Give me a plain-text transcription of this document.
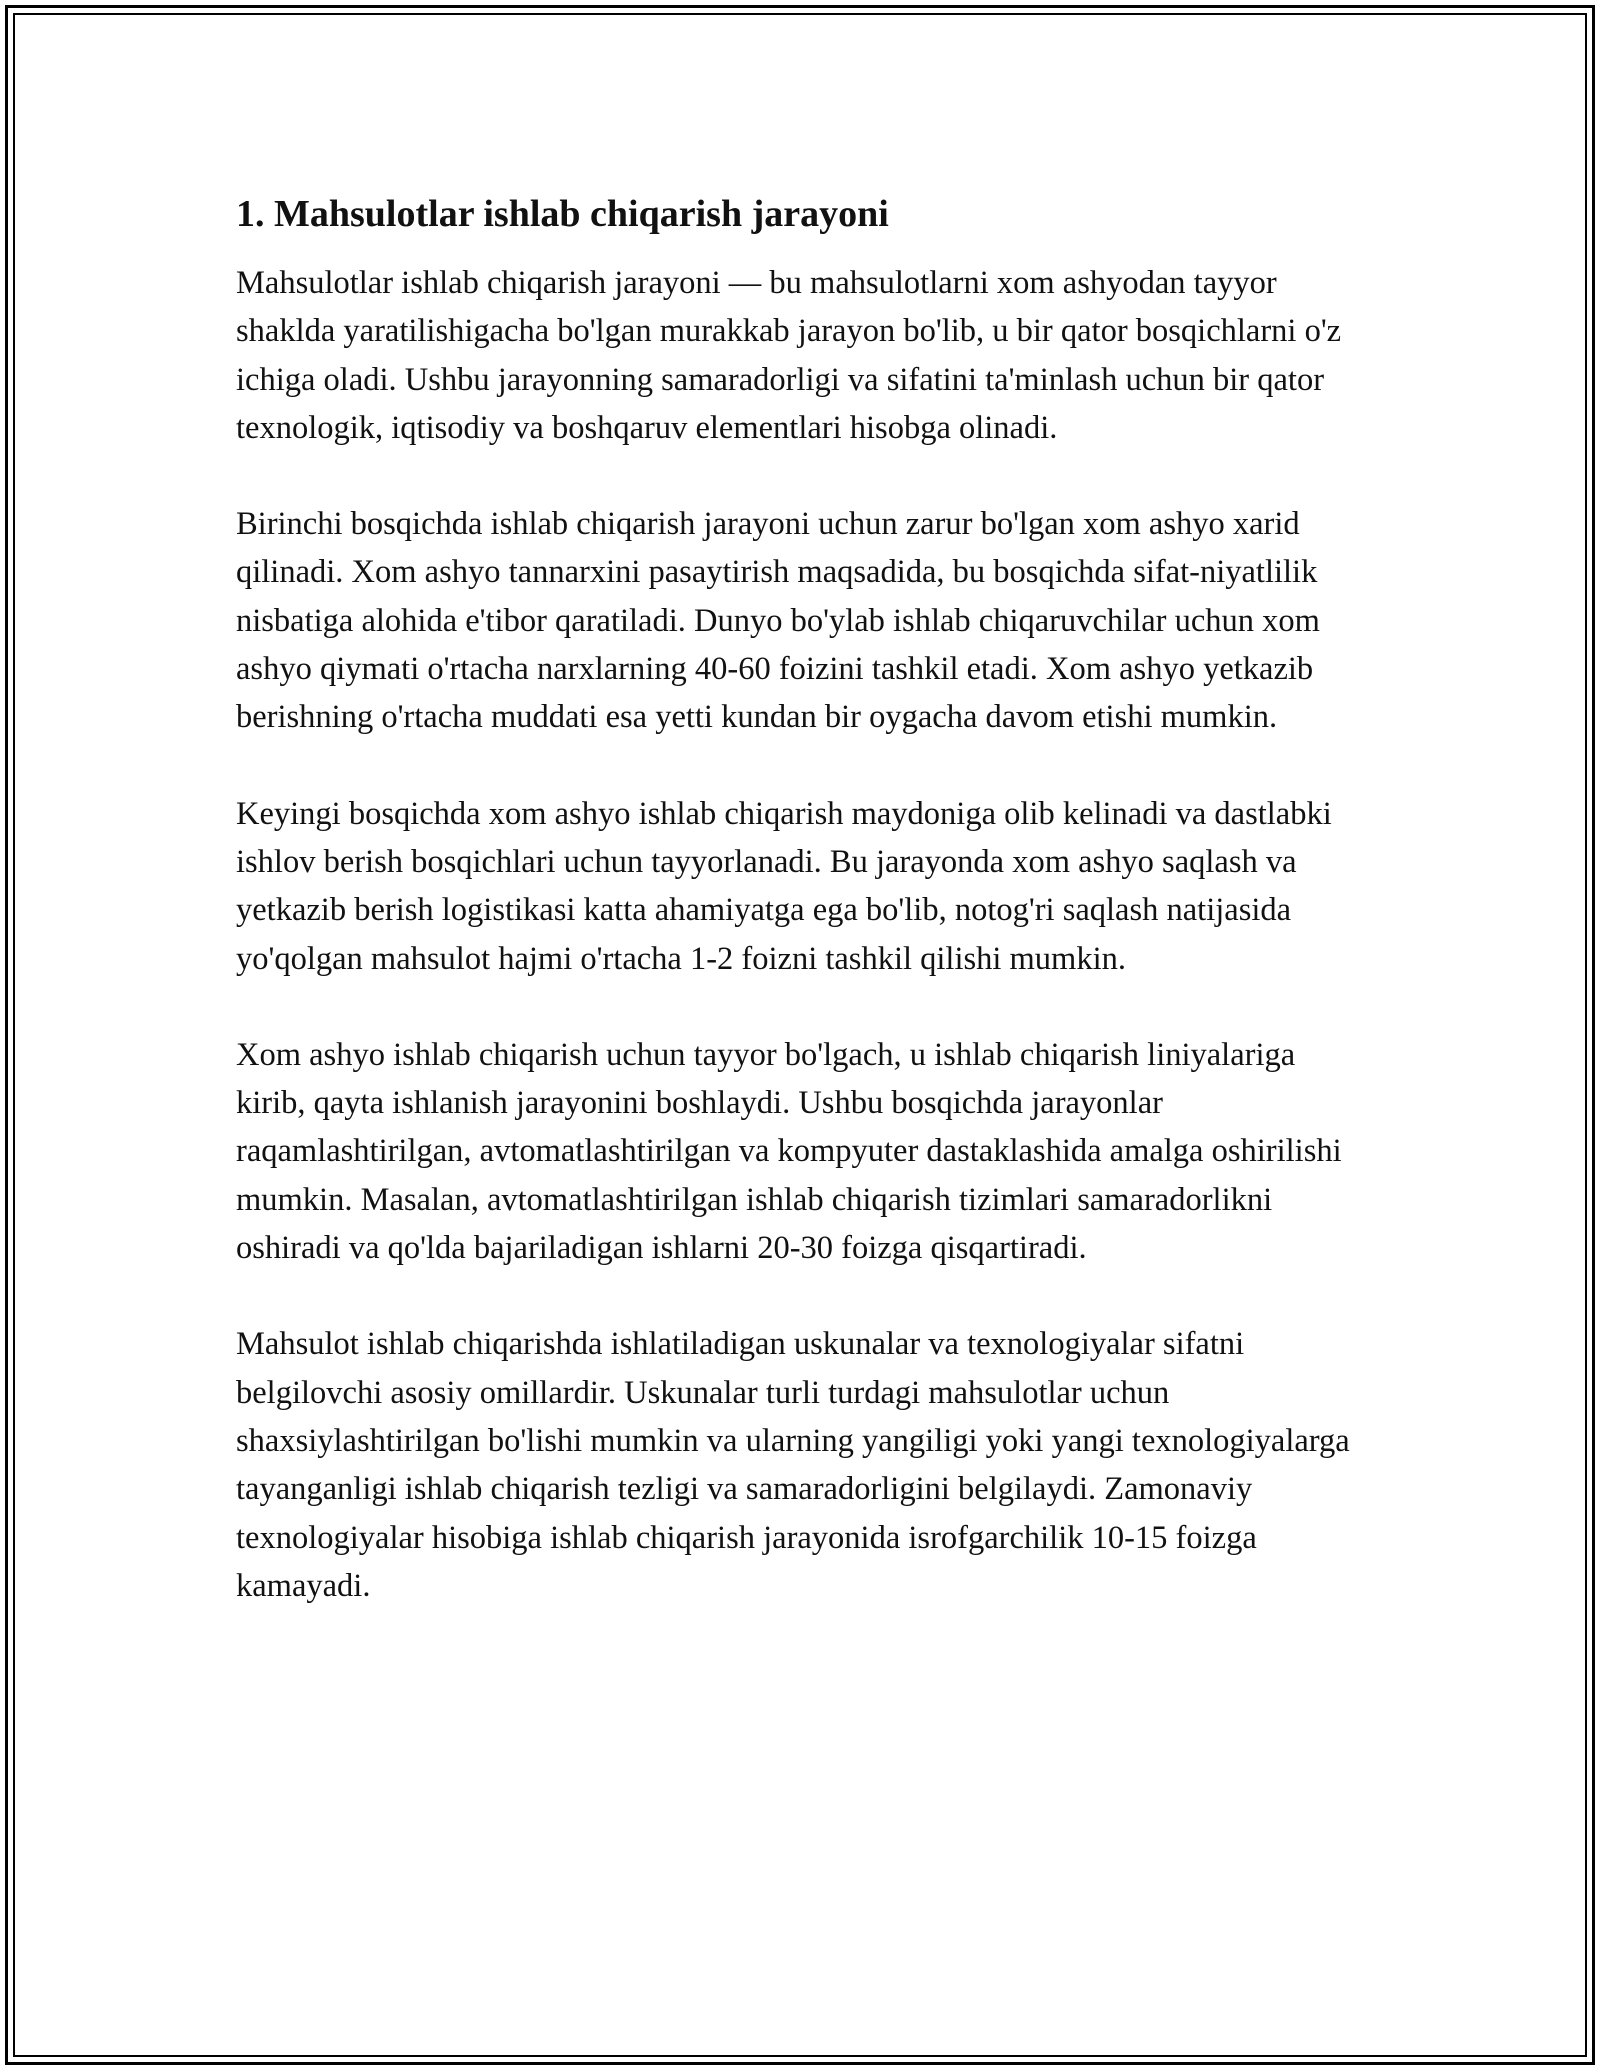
1. Mahsulotlar ishlab chiqarish jarayoni

Mahsulotlar ishlab chiqarish jarayoni — bu mahsulotlarni xom ashyodan tayyor shaklda yaratilishigacha bo'lgan murakkab jarayon bo'lib, u bir qator bosqichlarni o'z ichiga oladi. Ushbu jarayonning samaradorligi va sifatini ta'minlash uchun bir qator texnologik, iqtisodiy va boshqaruv elementlari hisobga olinadi.

Birinchi bosqichda ishlab chiqarish jarayoni uchun zarur bo'lgan xom ashyo xarid qilinadi. Xom ashyo tannarxini pasaytirish maqsadida, bu bosqichda sifat-niyatlilik nisbatiga alohida e'tibor qaratiladi. Dunyo bo'ylab ishlab chiqaruvchilar uchun xom ashyo qiymati o'rtacha narxlarning 40-60 foizini tashkil etadi. Xom ashyo yetkazib berishning o'rtacha muddati esa yetti kundan bir oygacha davom etishi mumkin.

Keyingi bosqichda xom ashyo ishlab chiqarish maydoniga olib kelinadi va dastlabki ishlov berish bosqichlari uchun tayyorlanadi. Bu jarayonda xom ashyo saqlash va yetkazib berish logistikasi katta ahamiyatga ega bo'lib, notog'ri saqlash natijasida yo'qolgan mahsulot hajmi o'rtacha 1-2 foizni tashkil qilishi mumkin.

Xom ashyo ishlab chiqarish uchun tayyor bo'lgach, u ishlab chiqarish liniyalariga kirib, qayta ishlanish jarayonini boshlaydi. Ushbu bosqichda jarayonlar raqamlashtirilgan, avtomatlashtirilgan va kompyuter dastaklashida amalga oshirilishi mumkin. Masalan, avtomatlashtirilgan ishlab chiqarish tizimlari samaradorlikni oshiradi va qo'lda bajariladigan ishlarni 20-30 foizga qisqartiradi.

Mahsulot ishlab chiqarishda ishlatiladigan uskunalar va texnologiyalar sifatni belgilovchi asosiy omillardir. Uskunalar turli turdagi mahsulotlar uchun shaxsiylashtirilgan bo'lishi mumkin va ularning yangiligi yoki yangi texnologiyalarga tayanganligi ishlab chiqarish tezligi va samaradorligini belgilaydi. Zamonaviy texnologiyalar hisobiga ishlab chiqarish jarayonida isrofgarchilik 10-15 foizga kamayadi.
